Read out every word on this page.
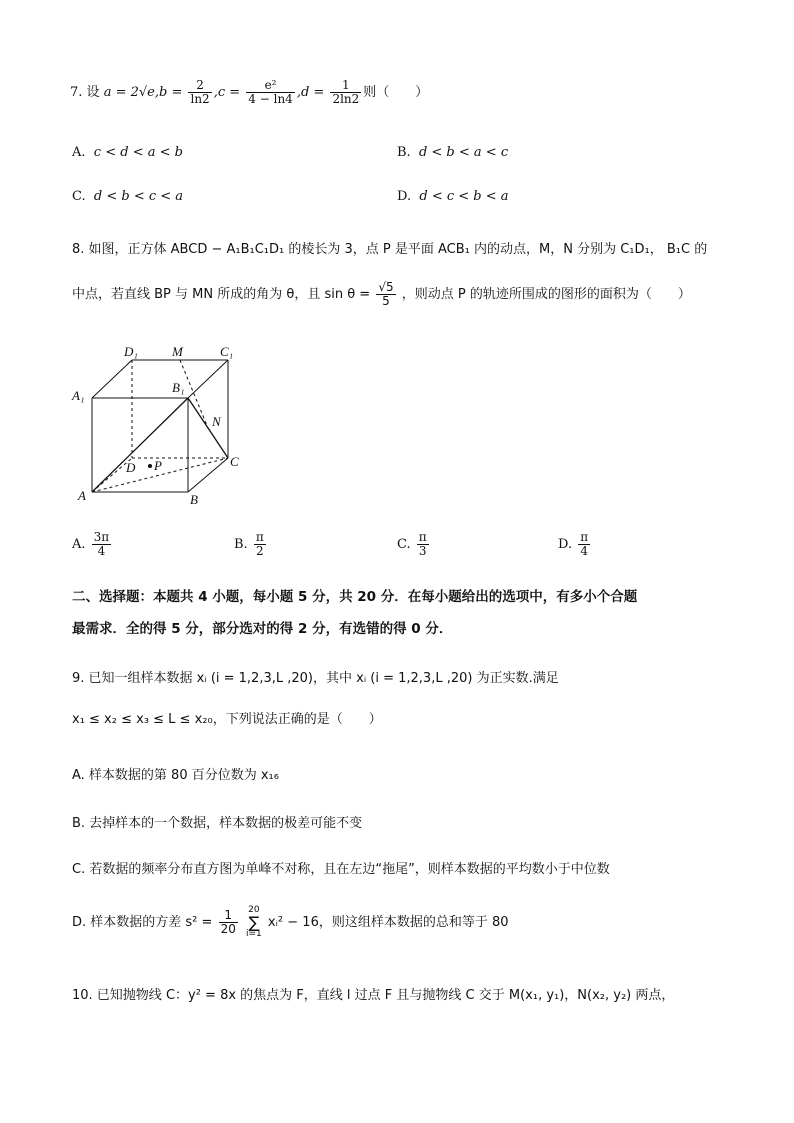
7. 设 $a = 2√e,b = \frac{2}{\ln 2} ,c = \frac{\text{e²}}{4 - \ln 4} ,d = \frac{1}{2\ln 2}$ 则（　　）
A. c < d < a < b	B. d < b < a < c
C. d < b < c < a	D. d < c < b < a
8. 如图，正方体 ABCD − A₁B₁C₁D₁ 的棱长为 3，点 P 是平面 ACB₁ 内的动点，M，N 分别为 C₁D₁， B₁C 的
中点，若直线 BP 与 MN 所成的角为 θ，且 $\sin \theta = \frac{√5}{5}$ ，则动点 P 的轨迹所围成的图形的面积为（　　）
D₁	M	C₁
A₁
B₁
N
C
D P
A	B
A. $\frac{3\pi}{4}$	B. $\frac{\pi}{2}$	C. $\frac{\pi}{3}$	D. $\frac{\pi}{4}$
二、选择题：本题共 4 小题，每小题 5 分，共 20 分．在每小题给出的选项中，有多小个合题
最需求．全的得 5 分，部分选对的得 2 分，有选错的得 0 分．
9. 已知一组样本数据 xᵢ (i = 1,2,3,L ,20)，其中 xᵢ (i = 1,2,3,L ,20) 为正实数.满足
x₁ ≤ x₂ ≤ x₃ ≤ L ≤ x₂₀，下列说法正确的是（　　）
A. 样本数据的第 80 百分位数为 x₁₆
B. 去掉样本的一个数据，样本数据的极差可能不变
C. 若数据的频率分布直方图为单峰不对称，且在左边“拖尾”，则样本数据的平均数小于中位数
D. 样本数据的方差 $s^2 = \frac{1}{20}$
20
∑
i=1
xᵢ² − 16，则这组样本数据的总和等于 80
10. 已知抛物线 C：y² = 8x 的焦点为 F，直线 l 过点 F 且与抛物线 C 交于 M(x₁, y₁)，N(x₂, y₂) 两点，
